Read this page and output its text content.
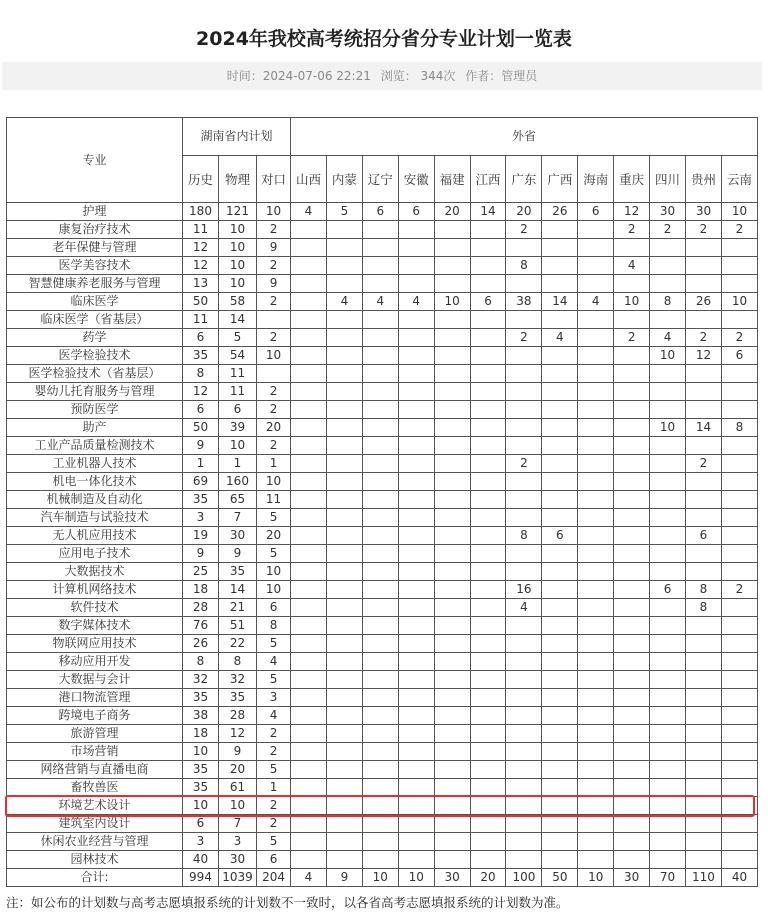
2024年我校高考统招分省分专业计划一览表
时间：2024-07-06 22:21 浏览： 344次 作者：管理员
专业	湖南省内计划			外省												
	历史	物理	对口	山西	内蒙	辽宁	安徽	福建	江西	广东	广西	海南	重庆	四川	贵州	云南
护理	180	121	10	4	5	6	6	20	14	20	26	6	12	30	30	10
康复治疗技术	11	10	2							2			2	2	2	2
老年保健与管理	12	10	9													
医学美容技术	12	10	2							8			4			
智慧健康养老服务与管理	13	10	9													
临床医学	50	58	2		4	4	4	10	6	38	14	4	10	8	26	10
临床医学（省基层）	11	14														
药学	6	5	2							2	4		2	4	2	2
医学检验技术	35	54	10											10	12	6
医学检验技术（省基层）	8	11														
婴幼儿托育服务与管理	12	11	2													
预防医学	6	6	2													
助产	50	39	20											10	14	8
工业产品质量检测技术	9	10	2													
工业机器人技术	1	1	1							2					2	
机电一体化技术	69	160	10													
机械制造及自动化	35	65	11													
汽车制造与试验技术	3	7	5													
无人机应用技术	19	30	20							8	6				6	
应用电子技术	9	9	5													
大数据技术	25	35	10													
计算机网络技术	18	14	10							16				6	8	2
软件技术	28	21	6							4					8	
数字媒体技术	76	51	8													
物联网应用技术	26	22	5													
移动应用开发	8	8	4													
大数据与会计	32	32	5													
港口物流管理	35	35	3													
跨境电子商务	38	28	4													
旅游管理	18	12	2													
市场营销	10	9	2													
网络营销与直播电商	35	20	5													
畜牧兽医	35	61	1													
环境艺术设计	10	10	2													
建筑室内设计	6	7	2													
休闲农业经营与管理	3	3	5													
园林技术	40	30	6													
合计:	994	1039	204	4	9	10	10	30	20	100	50	10	30	70	110	40
注：如公布的计划数与高考志愿填报系统的计划数不一致时，以各省高考志愿填报系统的计划数为准。
